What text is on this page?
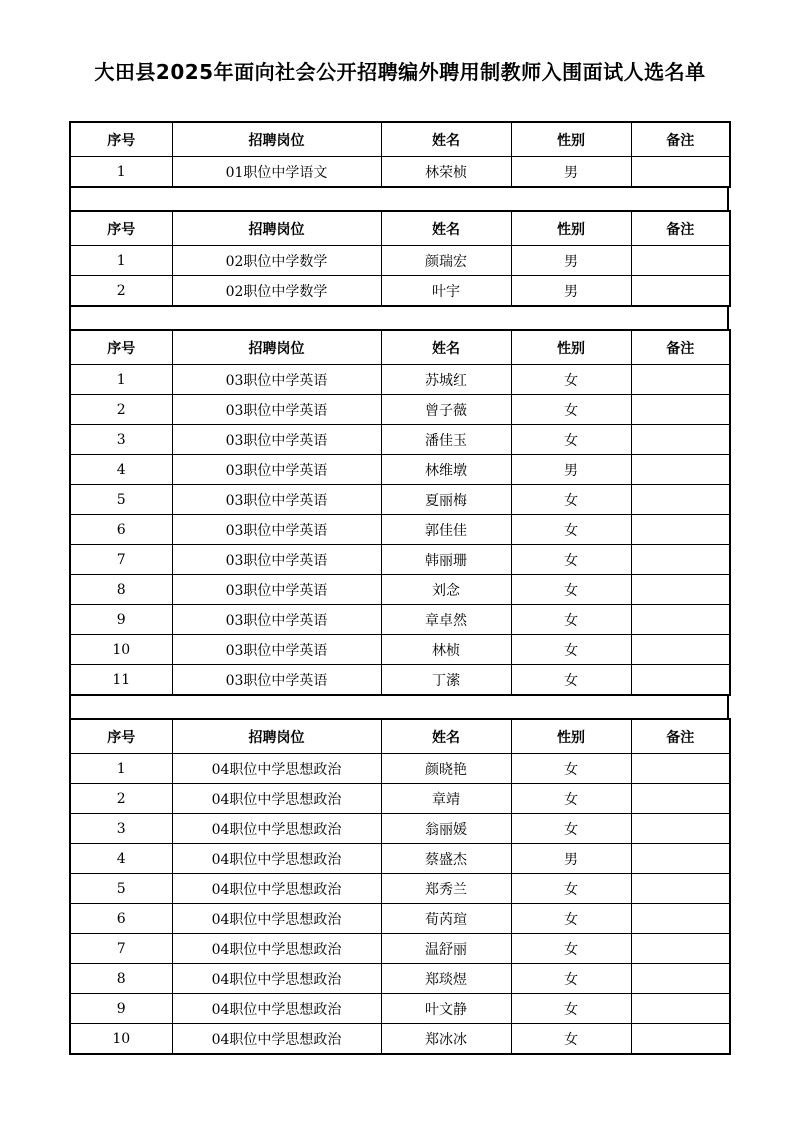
大田县2025年面向社会公开招聘编外聘用制教师入围面试人选名单
序号	招聘岗位	姓名	性别	备注
1	01职位中学语文	林荣桢	男	
序号	招聘岗位	姓名	性别	备注
1	02职位中学数学	颜瑞宏	男	
2	02职位中学数学	叶宇	男	
序号	招聘岗位	姓名	性别	备注
1	03职位中学英语	苏城红	女	
2	03职位中学英语	曾子薇	女	
3	03职位中学英语	潘佳玉	女	
4	03职位中学英语	林维墩	男	
5	03职位中学英语	夏丽梅	女	
6	03职位中学英语	郭佳佳	女	
7	03职位中学英语	韩丽珊	女	
8	03职位中学英语	刘念	女	
9	03职位中学英语	章卓然	女	
10	03职位中学英语	林桢	女	
11	03职位中学英语	丁潆	女	
序号	招聘岗位	姓名	性别	备注
1	04职位中学思想政治	颜晓艳	女	
2	04职位中学思想政治	章靖	女	
3	04职位中学思想政治	翁丽媛	女	
4	04职位中学思想政治	蔡盛杰	男	
5	04职位中学思想政治	郑秀兰	女	
6	04职位中学思想政治	荀芮瑄	女	
7	04职位中学思想政治	温舒丽	女	
8	04职位中学思想政治	郑琰煜	女	
9	04职位中学思想政治	叶文静	女	
10	04职位中学思想政治	郑冰冰	女	
